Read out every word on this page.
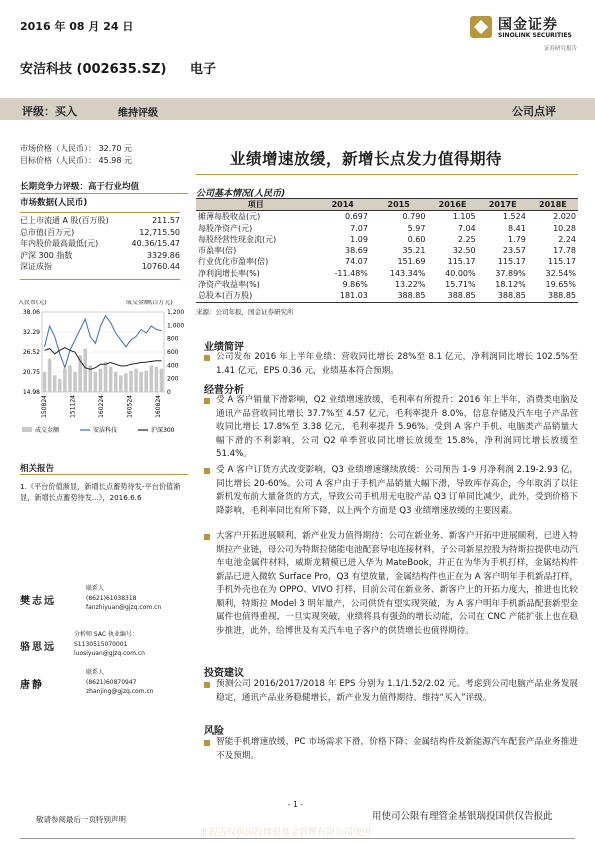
2016 年 08 月 24 日	国金证券
SINOLINK SECURITIES
证券研究报告
安洁科技 (002635.SZ) 电子
评级：买入	维持评级	公司点评
市场价格（人民币）： 32.70 元
目标价格（人民币）： 45.98 元
长期竞争力评级：高于行业均值
市场数据(人民币)
已上市流通 A 股(百万股)	211.57
总市值(百万元)	12,715.50
年内股价最高最低(元)	40.36/15.47
沪深 300 指数	3329.86
深证成指	10760.44
业绩增速放缓，新增长点发力值得期待
公司基本情况(人民币)
项目	2014	2015	2016E	2017E	2018E
摊薄每股收益(元)	0.697	0.790	1.105	1.524	2.020
每股净资产(元)	7.07	5.97	7.04	8.41	10.28
每股经营性现金流(元)	1.09	0.60	2.25	1.79	2.24
市盈率(倍)	38.69	35.21	32.50	23.57	17.78
行业优化市盈率(倍)	74.07	151.69	115.17	115.17	115.17
净利润增长率(%)	-11.48%	143.34%	40.00%	37.89%	32.54%
净资产收益率(%)	9.86%	13.22%	15.71%	18.12%	19.65%
总股本(百万股)	181.03	388.85	388.85	388.85	388.85
来源：公司年报，国金证券研究所
人民币(元)	成交金额(百万元)
38.06
32.29
26.52
20.75
14.98
1,200
1,000
800
600
400
200
0
150824	151124	160224	160524	160824
成交金额	安洁科技	沪深300
业绩简评
公司发布 2016 年上半年业绩：营收同比增长 28%至 8.1 亿元，净利润同比增长 102.5%至 1.41 亿元，EPS 0.36 元，业绩基本符合预期。
经营分析
受 A 客户销量下滑影响，Q2 业绩增速放缓，毛利率有所提升：2016 年上半年，消费类电脑及通讯产品营收同比增长 37.7%至 4.57 亿元，毛利率提升 8.0%，信息存储及汽车电子产品营收同比增长 17.8%至 3.38 亿元，毛利率提升 5.96%。受到 A 客户手机、电脑类产品销量大幅下滑的不利影响，公司 Q2 单季营收同比增长放缓至 15.8%，净利润同比增长放缓至 51.4%。
受 A 客户订货方式改变影响，Q3 业绩增速继续放缓：公司预告 1-9 月净利润 2.19-2.93 亿，同比增长 20-60%。公司 A 客户由于手机产品销量大幅下滑，导致库存高企，今年取消了以往新机发布前大量备货的方式，导致公司手机用无电胶产品 Q3 订单同比减少，此外，受到价格下降影响，毛利率同比有所下降，以上两个方面是 Q3 业绩增速放缓的主要因素。
大客户开拓进展顺利，新产业发力值得期待：公司在新业务、新客户开拓中进展顺利，已进入特斯拉产业链，母公司为特斯拉储能电池配套导电连接材料，子公司新星控股为特斯拉提供电动汽车电池金属件材料，威斯龙精模已进入华为 MateBook，并正在为华为手机打样，金属结构件新品已进入微软 Surface Pro，Q3 有望放量，金属结构件也正在为 A 客户明年手机新品打样，手机外壳也在为 OPPO、VIVO 打样，目前公司在新业务、新客户上的开拓力度大，推进也比较顺利，特斯拉 Model 3 明年量产，公司供货有望实现突破，为 A 客户明年手机新品配套新型金属件也值得重视，一旦实现突破，业绩将具有强劲的增长动能，公司在 CNC 产能扩张上也在稳步推进，此外，给博世及有关汽车电子客户的供货增长也值得期待。
投资建议
预测公司 2016/2017/2018 年 EPS 分别为 1.1/1.52/2.02 元。考虑到公司电脑产品业务发展稳定，通讯产品业务稳健增长，新产业发力值得期待，维持“买入”评级。
风险
智能手机增速放缓，PC 市场需求下滑，价格下降；金属结构件及新能源汽车配套产品业务推进不及预期。
相关报告
1.《平台价值渐显，新增长点蓄势待发-平台价值渐显，新增长点蓄势待发...》，2016.6.6
樊志远
联系人
(8621)61038318
fanzhiyuan@gjzq.com.cn
骆思远
分析师 SAC 执业编号：S1130515070001
luosiyuan@gjzq.com.cn
唐静
联系人
(8621)60870947
zhanjing@gjzq.com.cn
- 1 -
敬请参阅最后一页特别声明	用使司公限有理管金基银瑞投国供仅告报此
此报告仅供国投瑞银基金管理有限公司使用
